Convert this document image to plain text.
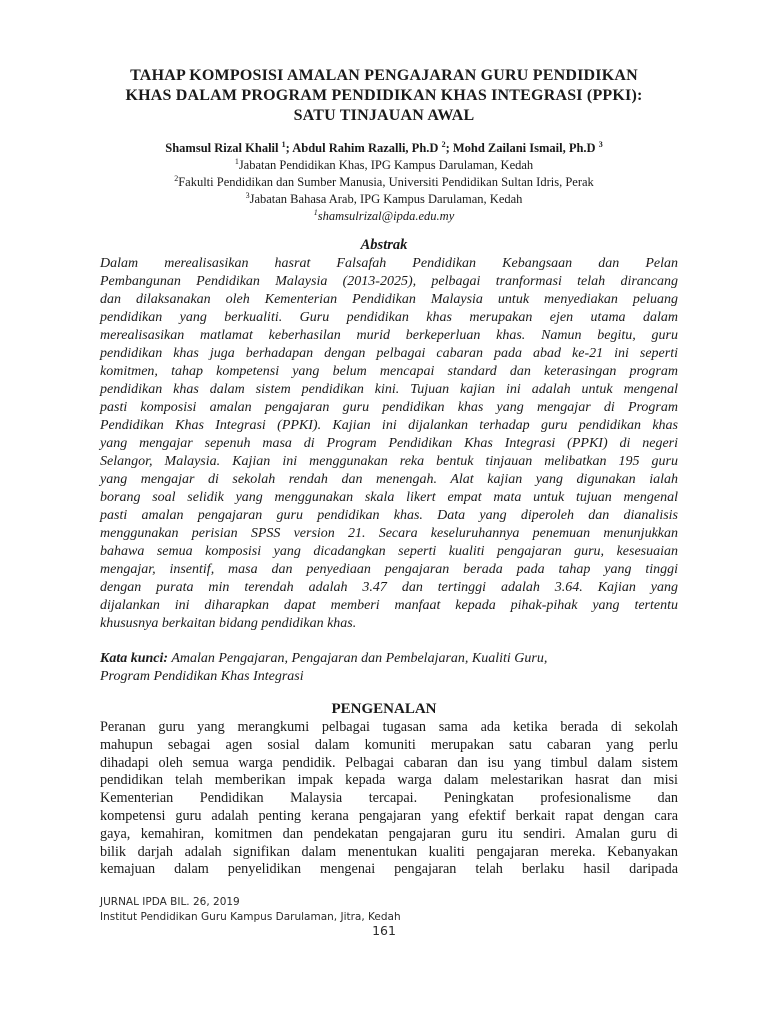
TAHAP KOMPOSISI AMALAN PENGAJARAN GURU PENDIDIKAN
KHAS DALAM PROGRAM PENDIDIKAN KHAS INTEGRASI (PPKI):
SATU TINJAUAN AWAL
Shamsul Rizal Khalil $^1$; Abdul Rahim Razalli, Ph.D $^2$; Mohd Zailani Ismail, Ph.D $^3$
$^1$Jabatan Pendidikan Khas, IPG Kampus Darulaman, Kedah
$^2$Fakulti Pendidikan dan Sumber Manusia, Universiti Pendidikan Sultan Idris, Perak
$^3$Jabatan Bahasa Arab, IPG Kampus Darulaman, Kedah
$^1$shamsulrizal@ipda.edu.my
Abstrak
Dalam merealisasikan hasrat Falsafah Pendidikan Kebangsaan dan Pelan
Pembangunan Pendidikan Malaysia (2013-2025), pelbagai tranformasi telah dirancang
dan dilaksanakan oleh Kementerian Pendidikan Malaysia untuk menyediakan peluang
pendidikan yang berkualiti. Guru pendidikan khas merupakan ejen utama dalam
merealisasikan matlamat keberhasilan murid berkeperluan khas. Namun begitu, guru
pendidikan khas juga berhadapan dengan pelbagai cabaran pada abad ke-21 ini seperti
komitmen, tahap kompetensi yang belum mencapai standard dan keterasingan program
pendidikan khas dalam sistem pendidikan kini. Tujuan kajian ini adalah untuk mengenal
pasti komposisi amalan pengajaran guru pendidikan khas yang mengajar di Program
Pendidikan Khas Integrasi (PPKI). Kajian ini dijalankan terhadap guru pendidikan khas
yang mengajar sepenuh masa di Program Pendidikan Khas Integrasi (PPKI) di negeri
Selangor, Malaysia. Kajian ini menggunakan reka bentuk tinjauan melibatkan 195 guru
yang mengajar di sekolah rendah dan menengah. Alat kajian yang digunakan ialah
borang soal selidik yang menggunakan skala likert empat mata untuk tujuan mengenal
pasti amalan pengajaran guru pendidikan khas. Data yang diperoleh dan dianalisis
menggunakan perisian SPSS version 21. Secara keseluruhannya penemuan menunjukkan
bahawa semua komposisi yang dicadangkan seperti kualiti pengajaran guru, kesesuaian
mengajar, insentif, masa dan penyediaan pengajaran berada pada tahap yang tinggi
dengan purata min terendah adalah 3.47 dan tertinggi adalah 3.64. Kajian yang
dijalankan ini diharapkan dapat memberi manfaat kepada pihak-pihak yang tertentu
khususnya berkaitan bidang pendidikan khas.
Kata kunci: Amalan Pengajaran, Pengajaran dan Pembelajaran, Kualiti Guru,
Program Pendidikan Khas Integrasi
PENGENALAN
Peranan guru yang merangkumi pelbagai tugasan sama ada ketika berada di sekolah
mahupun sebagai agen sosial dalam komuniti merupakan satu cabaran yang perlu
dihadapi oleh semua warga pendidik. Pelbagai cabaran dan isu yang timbul dalam sistem
pendidikan telah memberikan impak kepada warga dalam melestarikan hasrat dan misi
Kementerian Pendidikan Malaysia tercapai. Peningkatan profesionalisme dan
kompetensi guru adalah penting kerana pengajaran yang efektif berkait rapat dengan cara
gaya, kemahiran, komitmen dan pendekatan pengajaran guru itu sendiri. Amalan guru di
bilik darjah adalah signifikan dalam menentukan kualiti pengajaran mereka. Kebanyakan
kemajuan dalam penyelidikan mengenai pengajaran telah berlaku hasil daripada
JURNAL IPDA BIL. 26, 2019
Institut Pendidikan Guru Kampus Darulaman, Jitra, Kedah
161
